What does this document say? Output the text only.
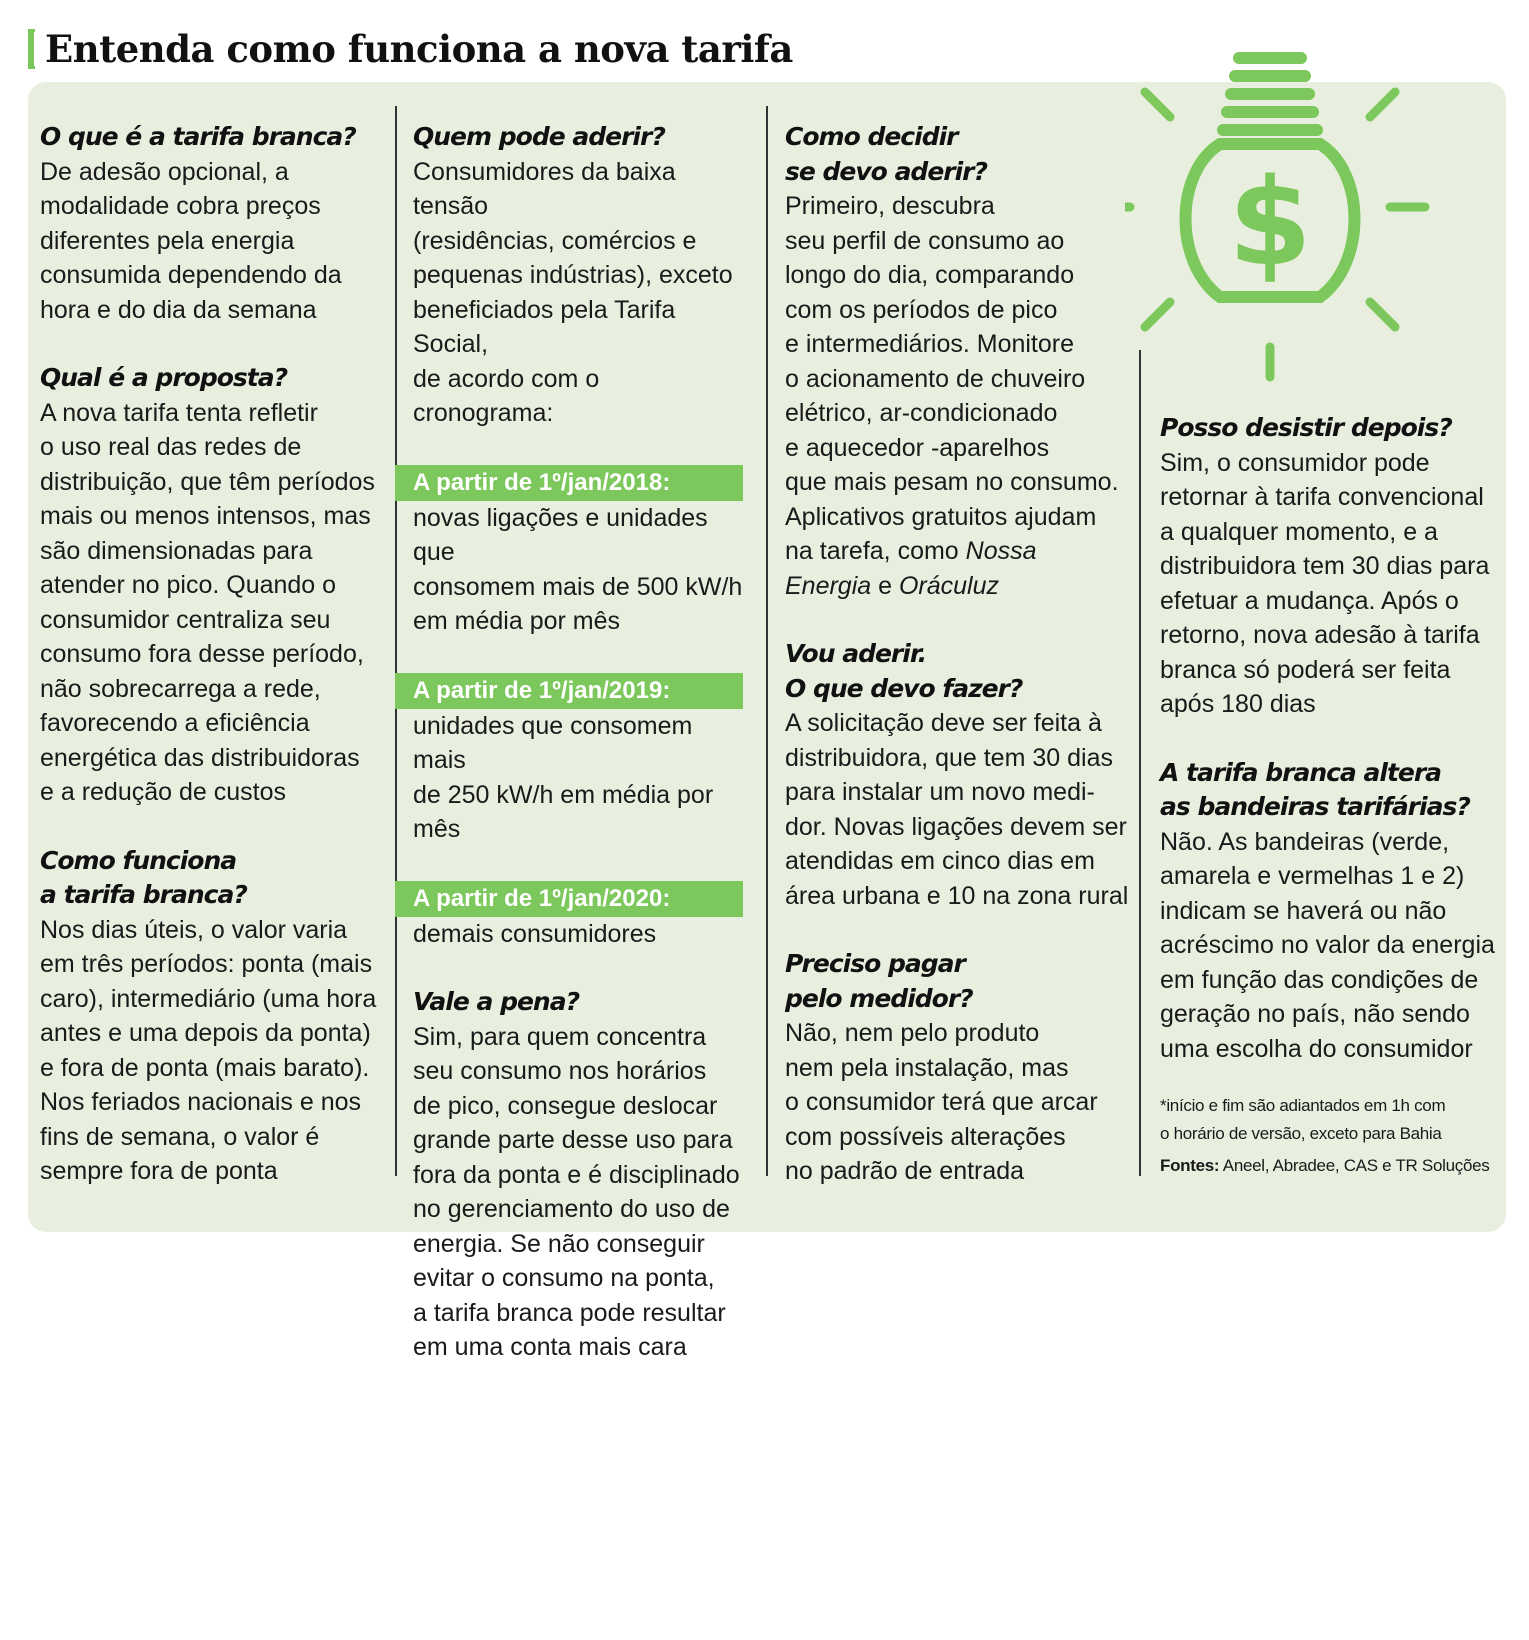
Entenda como funciona a nova tarifa
$
O que é a tarifa branca?

De adesão opcional, a

modalidade cobra preços

diferentes pela energia

consumida dependendo da

hora e do dia da semana

Qual é a proposta?

A nova tarifa tenta refletir

o uso real das redes de

distribuição, que têm períodos

mais ou menos intensos, mas

são dimensionadas para

atender no pico. Quando o

consumidor centraliza seu

consumo fora desse período,

não sobrecarrega a rede,

favorecendo a eficiência

energética das distribuidoras

e a redução de custos

Como funciona
a tarifa branca?

Nos dias úteis, o valor varia

em três períodos: ponta (mais

caro), intermediário (uma hora

antes e uma depois da ponta)

e fora de ponta (mais barato).

Nos feriados nacionais e nos

fins de semana, o valor é

sempre fora de ponta

Quem pode aderir?

Consumidores da baixa tensão

(residências, comércios e

pequenas indústrias), exceto

beneficiados pela Tarifa Social,

de acordo com o cronograma:

A partir de 1º/jan/2018:

novas ligações e unidades que

consomem mais de 500 kW/h

em média por mês

A partir de 1º/jan/2019:

unidades que consomem mais

de 250 kW/h em média por

mês

A partir de 1º/jan/2020:

demais consumidores

Vale a pena?

Sim, para quem concentra

seu consumo nos horários

de pico, consegue deslocar

grande parte desse uso para

fora da ponta e é disciplinado

no gerenciamento do uso de

energia. Se não conseguir

evitar o consumo na ponta,

a tarifa branca pode resultar

em uma conta mais cara

Como decidir
se devo aderir?

Primeiro, descubra

seu perfil de consumo ao

longo do dia, comparando

com os períodos de pico

e intermediários. Monitore

o acionamento de chuveiro

elétrico, ar-condicionado

e aquecedor -aparelhos

que mais pesam no consumo.

Aplicativos gratuitos ajudam

na tarefa, como Nossa

Energia e Oráculuz

Vou aderir.
O que devo fazer?

A solicitação deve ser feita à

distribuidora, que tem 30 dias

para instalar um novo medi-

dor. Novas ligações devem ser

atendidas em cinco dias em

área urbana e 10 na zona rural

Preciso pagar
pelo medidor?

Não, nem pelo produto

nem pela instalação, mas

o consumidor terá que arcar

com possíveis alterações

no padrão de entrada

Posso desistir depois?

Sim, o consumidor pode

retornar à tarifa convencional

a qualquer momento, e a

distribuidora tem 30 dias para

efetuar a mudança. Após o

retorno, nova adesão à tarifa

branca só poderá ser feita

após 180 dias

A tarifa branca altera
as bandeiras tarifárias?

Não. As bandeiras (verde,

amarela e vermelhas 1 e 2)

indicam se haverá ou não

acréscimo no valor da energia

em função das condições de

geração no país, não sendo

uma escolha do consumidor

*início e fim são adiantados em 1h com
o horário de versão, exceto para Bahia
Fontes: Aneel, Abradee, CAS e TR Soluções
